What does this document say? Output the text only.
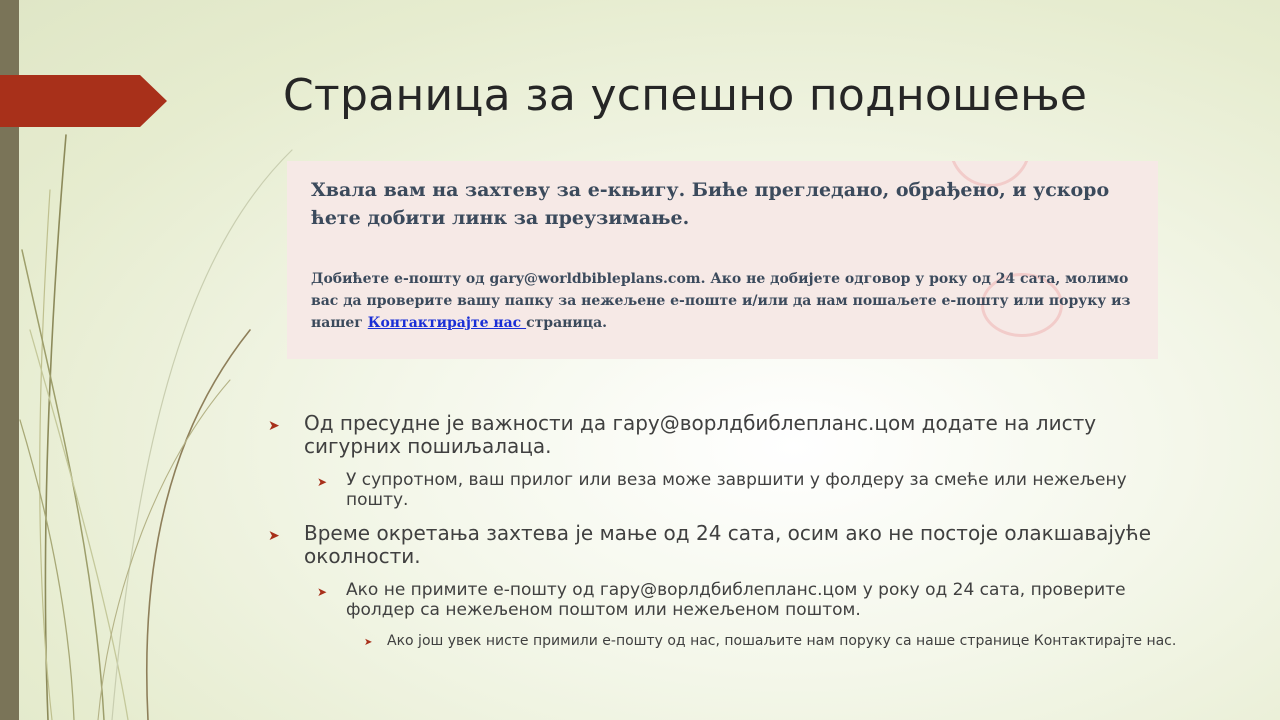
Страница за успешно подношење
Хвала вам на захтеву за е-књигу. Биће прегледано, обрађено, и ускоро ћете добити линк за преузимање.
Добићете е-пошту од gary@worldbibleplans.com. Ако не добијете одговор у року од 24 сата, молимо вас да проверите вашу папку за нежељене е-поште и/или да нам пошаљете е-пошту или поруку из нашег Контактирајте нас страница.
➤ Од пресудне је важности да гару@ворлдбиблепланс.цом додате на листу сигурних пошиљалаца.
➤ У супротном, ваш прилог или веза може завршити у фолдеру за смеће или нежељену пошту.
➤ Време окретања захтева је мање од 24 сата, осим ако не постоје олакшавајуће околности.
➤ Ако не примите е-пошту од гару@ворлдбиблепланс.цом у року од 24 сата, проверите фолдер са нежељеном поштом или нежељеном поштом.
➤ Ако још увек нисте примили е-пошту од нас, пошаљите нам поруку са наше странице Контактирајте нас.
